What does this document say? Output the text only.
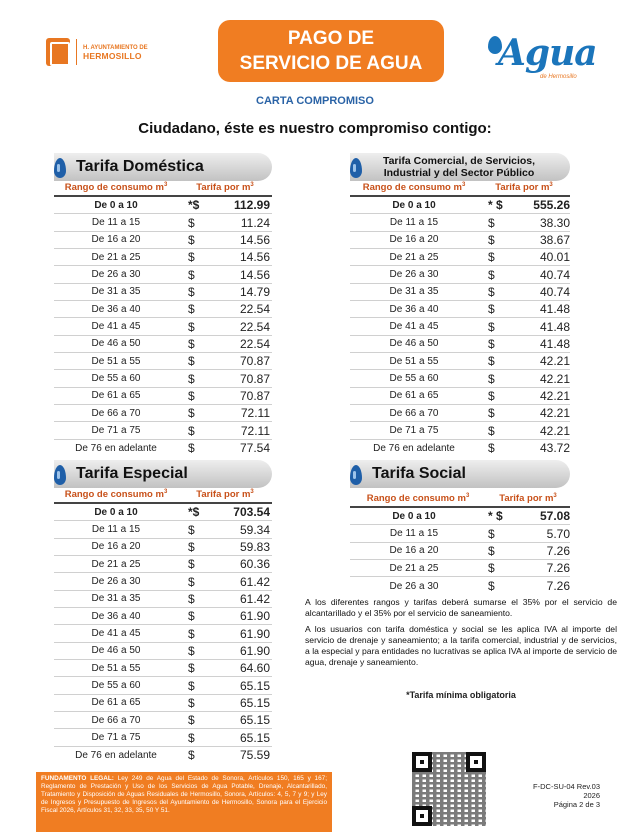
H. AYUNTAMIENTO DE
HERMOSILLO
PAGO DE
SERVICIO DE AGUA	Agua
de Hermosillo
CARTA COMPROMISO
Ciudadano, éste es nuestro compromiso contigo:
Tarifa Doméstica
Rango de consumo $m^3$	Tarifa por $m^3$
De 0 a 10	*$	112.99
De 11 a 15	$	11.24
De 16 a 20	$	14.56
De 21 a 25	$	14.56
De 26 a 30	$	14.56
De 31 a 35	$	14.79
De 36 a 40	$	22.54
De 41 a 45	$	22.54
De 46 a 50	$	22.54
De 51 a 55	$	70.87
De 55 a 60	$	70.87
De 61 a 65	$	70.87
De 66 a 70	$	72.11
De 71 a 75	$	72.11
De 76 en adelante	$	77.54
Tarifa Comercial, de Servicios,
Industrial y del Sector Público
Rango de consumo $m^3$	Tarifa por $m^3$
De 0 a 10	* $	555.26
De 11 a 15	$	38.30
De 16 a 20	$	38.67
De 21 a 25	$	40.01
De 26 a 30	$	40.74
De 31 a 35	$	40.74
De 36 a 40	$	41.48
De 41 a 45	$	41.48
De 46 a 50	$	41.48
De 51 a 55	$	42.21
De 55 a 60	$	42.21
De 61 a 65	$	42.21
De 66 a 70	$	42.21
De 71 a 75	$	42.21
De 76 en adelante	$	43.72
Tarifa Especial
Rango de consumo $m^3$	Tarifa por $m^3$
De 0 a 10	*$	703.54
De 11 a 15	$	59.34
De 16 a 20	$	59.83
De 21 a 25	$	60.36
De 26 a 30	$	61.42
De 31 a 35	$	61.42
De 36 a 40	$	61.90
De 41 a 45	$	61.90
De 46 a 50	$	61.90
De 51 a 55	$	64.60
De 55 a 60	$	65.15
De 61 a 65	$	65.15
De 66 a 70	$	65.15
De 71 a 75	$	65.15
De 76 en adelante	$	75.59
Tarifa Social
Rango de consumo $m^3$	Tarifa por $m^3$
De 0 a 10	* $	57.08
De 11 a 15	$	5.70
De 16 a 20	$	7.26
De 21 a 25	$	7.26
De 26 a 30	$	7.26

A los diferentes rangos y tarifas deberá sumarse el 35% por el servicio de alcantarillado y el 35% por el servicio de saneamiento.

A los usuarios con tarifa doméstica y social se les aplica IVA al importe del servicio de drenaje y saneamiento; a la tarifa comercial, industrial y de servicios, a la especial y para entidades no lucrativas se aplica IVA al importe de servicio de agua, drenaje y saneamiento.

*Tarifa mínima obligatoria
FUNDAMENTO LEGAL: Ley 249 de Agua del Estado de Sonora, Artículos 150, 165 y 167; Reglamento de Prestación y Uso de los Servicios de Agua Potable, Drenaje, Alcantarillado, Tratamiento y Disposición de Aguas Residuales de Hermosillo, Sonora, Artículos: 4, 5, 7 y 9; y Ley de Ingresos y Presupuesto de Ingresos del Ayuntamiento de Hermosillo, Sonora para el Ejercicio Fiscal 2026, Artículos 31, 32, 33, 35, 50 Y 51.
F-DC-SU-04 Rev.03
2026
Página 2 de 3
